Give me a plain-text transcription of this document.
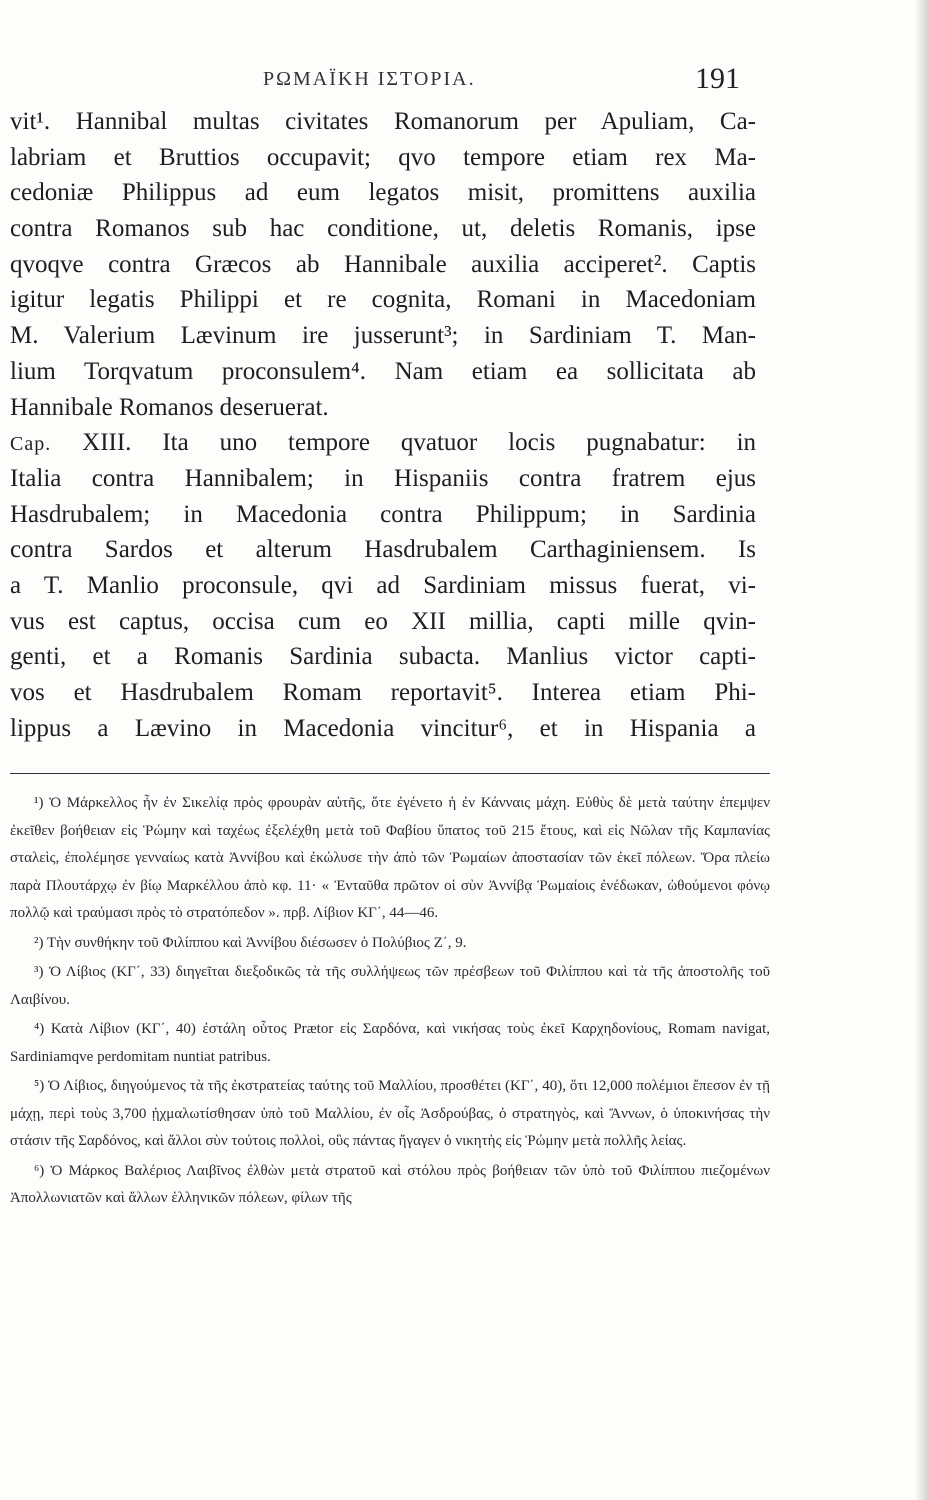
ΡΩΜΑΪΚΗ ΙΣΤΟΡΙΑ.	191
vit¹. Hannibal multas civitates Romanorum per Apuliam, Ca-
labriam et Bruttios occupavit; qvo tempore etiam rex Ma-
cedoniæ Philippus ad eum legatos misit, promittens auxilia
contra Romanos sub hac conditione, ut, deletis Romanis, ipse
qvoqve contra Græcos ab Hannibale auxilia acciperet². Captis
igitur legatis Philippi et re cognita, Romani in Macedoniam
M. Valerium Lævinum ire jusserunt³; in Sardiniam T. Man-
lium Torqvatum proconsulem⁴. Nam etiam ea sollicitata ab
Hannibale Romanos deseruerat.
Cap. XIII. Ita uno tempore qvatuor locis pugnabatur: in
Italia contra Hannibalem; in Hispaniis contra fratrem ejus
Hasdrubalem; in Macedonia contra Philippum; in Sardinia
contra Sardos et alterum Hasdrubalem Carthaginiensem. Is
a T. Manlio proconsule, qvi ad Sardiniam missus fuerat, vi-
vus est captus, occisa cum eo XII millia, capti mille qvin-
genti, et a Romanis Sardinia subacta. Manlius victor capti-
vos et Hasdrubalem Romam reportavit⁵. Interea etiam Phi-
lippus a Lævino in Macedonia vincitur⁶, et in Hispania a

¹) Ὁ Μάρκελλος ἦν ἐν Σικελίᾳ πρὸς φρουρὰν αὐτῆς, ὅτε ἐγένετο ἡ ἐν Κάνναις μάχη. Εὐθὺς δὲ μετὰ ταύτην ἐπεμψεν ἐκεῖθεν βοήθειαν εἰς Ῥώμην καὶ ταχέως ἐξελέχθη μετὰ τοῦ Φαβίου ὕπατος τοῦ 215 ἔτους, καὶ εἰς Νῶλαν τῆς Καμπανίας σταλεὶς, ἐπολέμησε γενναίως κατὰ Ἀννίβου καὶ ἐκώλυσε τὴν ἀπὸ τῶν Ῥωμαίων ἀποστασίαν τῶν ἐκεῖ πόλεων. Ὅρα πλείω παρὰ Πλουτάρχῳ ἐν βίῳ Μαρκέλλου ἀπὸ κφ. 11· « Ἐνταῦθα πρῶτον οἱ σὺν Ἀννίβᾳ Ῥωμαίοις ἐνέδωκαν, ὠθούμενοι φόνῳ πολλῷ καὶ τραύμασι πρὸς τὸ στρατόπεδον ». πρβ. Λίβιον ΚΓ΄, 44—46.

²) Τὴν συνθήκην τοῦ Φιλίππου καὶ Ἀννίβου διέσωσεν ὁ Πολύβιος Ζ΄, 9.

³) Ὁ Λίβιος (ΚΓ΄, 33) διηγεῖται διεξοδικῶς τὰ τῆς συλλήψεως τῶν πρέσβεων τοῦ Φιλίππου καὶ τὰ τῆς ἀποστολῆς τοῦ Λαιβίνου.

⁴) Κατὰ Λίβιον (ΚΓ΄, 40) ἐστάλη οὗτος Prætor εἰς Σαρδόνα, καὶ νικήσας τοὺς ἐκεῖ Καρχηδονίους, Romam navigat, Sardiniamqve perdomitam nuntiat patribus.

⁵) Ὁ Λίβιος, διηγούμενος τὰ τῆς ἐκστρατείας ταύτης τοῦ Μαλλίου, προσθέτει (ΚΓ΄, 40), ὅτι 12,000 πολέμιοι ἔπεσον ἐν τῇ μάχῃ, περὶ τοὺς 3,700 ᾐχμαλωτίσθησαν ὑπὸ τοῦ Μαλλίου, ἐν οἷς Ἀσδρούβας, ὁ στρατηγὸς, καὶ Ἄννων, ὁ ὑποκινήσας τὴν στάσιν τῆς Σαρδόνος, καὶ ἄλλοι σὺν τούτοις πολλοὶ, οὓς πάντας ἤγαγεν ὁ νικητὴς εἰς Ῥώμην μετὰ πολλῆς λείας.

⁶) Ὁ Μάρκος Βαλέριος Λαιβῖνος ἐλθὼν μετὰ στρατοῦ καὶ στόλου πρὸς βοήθειαν τῶν ὑπὸ τοῦ Φιλίππου πιεζομένων Ἀπολλωνιατῶν καὶ ἄλλων ἑλληνικῶν πόλεων, φίλων τῆς
